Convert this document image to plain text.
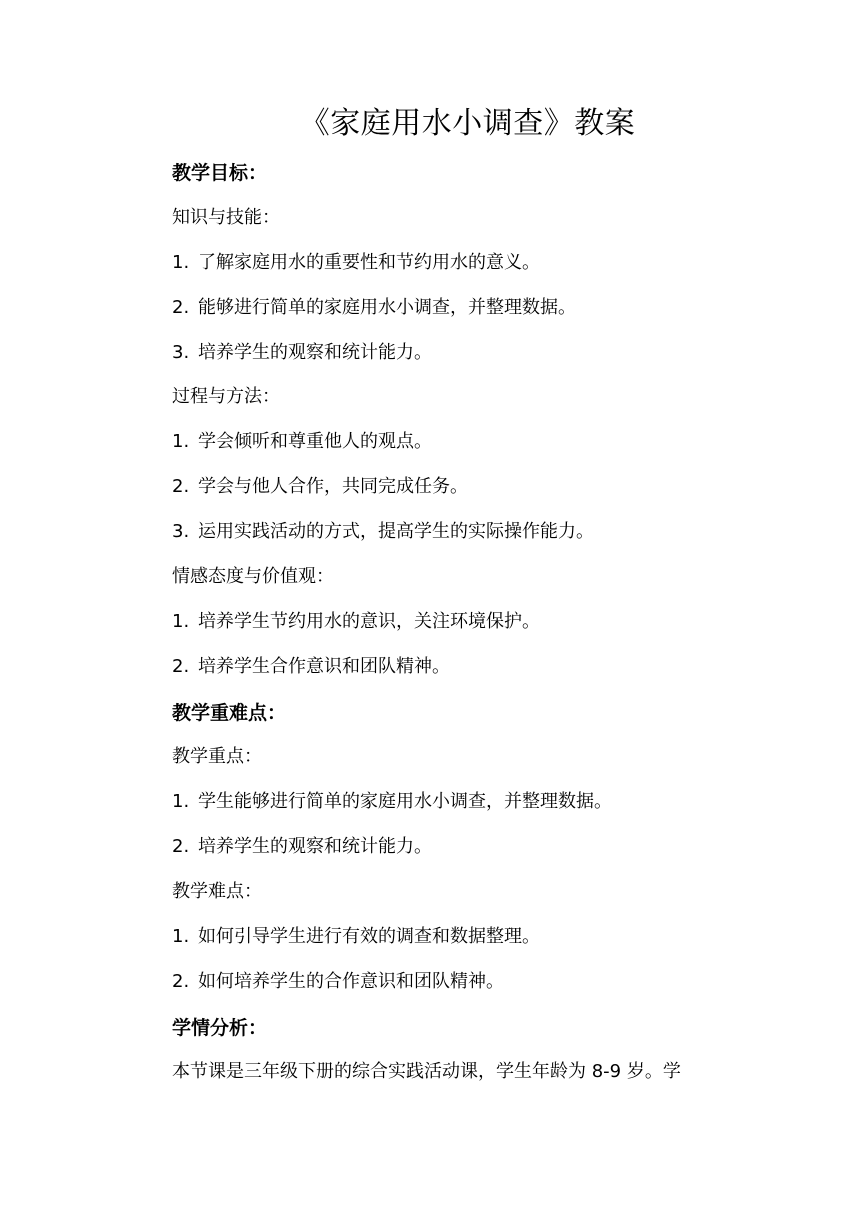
《家庭用水小调查》教案
教学目标：
知识与技能：
1. 了解家庭用水的重要性和节约用水的意义。
2. 能够进行简单的家庭用水小调查，并整理数据。
3. 培养学生的观察和统计能力。
过程与方法：
1. 学会倾听和尊重他人的观点。
2. 学会与他人合作，共同完成任务。
3. 运用实践活动的方式，提高学生的实际操作能力。
情感态度与价值观：
1. 培养学生节约用水的意识，关注环境保护。
2. 培养学生合作意识和团队精神。
教学重难点：
教学重点：
1. 学生能够进行简单的家庭用水小调查，并整理数据。
2. 培养学生的观察和统计能力。
教学难点：
1. 如何引导学生进行有效的调查和数据整理。
2. 如何培养学生的合作意识和团队精神。
学情分析：
本节课是三年级下册的综合实践活动课，学生年龄为 8-9 岁。学
